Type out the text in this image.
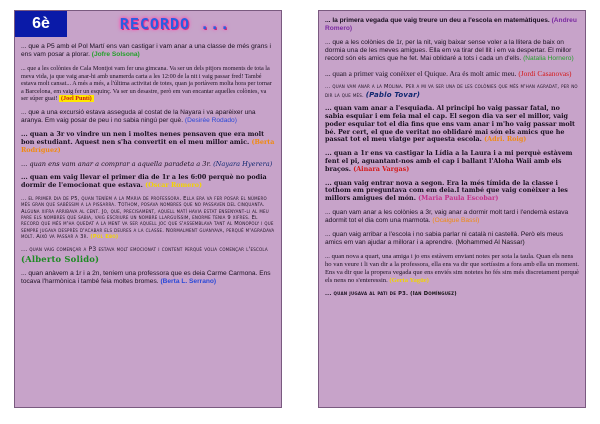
6è	RECORDO ...
... que a P5 amb el Pol Martí ens van castigar i vam anar a una classe de més grans i ens vam posar a plorar. (Jofre Solsona)
... que a les colònies de Cala Montjoi vam fer una gimcana. Va ser un dels pitjors moments de tota la meva vida, ja que vaig anar-hi amb unamerda carta a les 12:00 de la nit i vaig passar fred! També estava molt cansat... A més a més, a l'última activitat de totes, quan ja portàvem molta hora per tornar a Barcelona, em vaig fer un esquinç. Va ser un desastre, però em van encantar aquelles colònies, va ser súper guai! (Joel Puntí)
... que a una excursió estava asseguda al costat de la Nayara i va aparèixer una aranya. Em vaig posar de peu i no sabia ningú per què. (Desirée Rodado)
... quan a 3r vo vindre un nen i moltes nenes pensaven que era molt bon estudiant. Aquest nen s'ha convertit en el meu millor amic. (Berta Rodríguez)
... quan ens vam anar a comprar a aquella paradeta a 3r. (Nayara Hyerera)
... quan em vaig llevar el primer dia de 1r a les 6:00 perquè no podia dormir de l'emocionat que estava. (Oscar Romero)
... el primer dia de P5, quan teníem a la Maria de professora. Ella era va fer posar el número més gran que sabéssim a la pissarra. Tothom, posava nombres que no passaven del cinquanta. Alguna xifra arribava al cent. Jo, que, precisament, aquell matí havia estat ensenyant-li al meu pare els nombres que sabia, vaig escriure un nombre llarguíssim, enorme tenia 9 xifres. El record que més m'ha quedat a la ment va ser aquell joc que s'assemblava tant al Monopoly i que sempre jugava desprès d'acabar els deures a la classe. Normalment guanyava, perquè m'agradava molt. Això va passar a 3r. (Pol Ebo)
... quan vaig començar a P3 estava molt emocionat i content perquè volia començar l'escola (Alberto Solido)
... quan anàvem a 1r i a 2n, teníem una professora que es deia Carme Carmona. Ens tocava l'harmònica i també feia moltes bromes. (Berta L. Serrano)
... la primera vegada que vaig treure un deu a l'escola en matemàtiques. (Andreu Romero)
... que a les colònies de 1r, per la nit, vaig baixar sense voler a la llitera de baix on dormia una de les meves amigues. Ella em va tirar del llit i em va despertar. El millor record són els amics que he fet. Mai oblidaré a tots i cada un d'ells. (Natalia Hornero)
... quan a primer vaig conèixer el Quique. Ara és molt amic meu. (Jordi Casanovas)
... quan vam anar a la Molina. Per a mi va ser una de les colònies que més m'han agradat, per no dir la que més. (Pablo Tovar)
... quan vam anar a l'esquiada. Al principi ho vaig passar fatal, no sabia esquiar i em feia mal el cap. El segon dia va ser el millor, vaig poder esquiar tot el dia fins que ens vam anar i m'ho vaig passar molt bé. Per cert, el que de veritat no oblidaré mai són els amics que he passat tot el meu viatge per aquesta escola. (Adri. Roig)
... quan a 1r ens va castigar la Lídia a la Laura i a mi perquè estàvem fent el pi, aguantant-nos amb el cap i ballant l'Aloha Waii amb els braços. (Ainara Vargas)
... quan vaig entrar nova a segon. Era la més tímida de la classe i tothom em preguntava com em deia.I també que vaig conèixer a les millors amigues del món. (Maria Paula Escobar)
... quan vam anar a les colònies a 3r, vaig anar a dormir molt tard i l'endemà estava adormit tot el dia com una marmota. (Ocaigue Bassi)
... quan vaig arribar a l'escola i no sabia parlar ni català ni castellà. Però els meus amics em van ajudar a millorar i a aprendre. (Mohammed Al Nassar)
... quan nova a quart, una amiga i jo ens estàvem enviant notes per sota la taula. Quan els nens ho van veure i li van dir a la professora, ella ens va dir que sortíssim a fora amb ella un moment. Ens va dir que la propera vegada que ens enviés sim notetes ho fés sim més discretament perquè els nens no s'enteressin. (Gerta Yagüe)
... quan jugava al pati de P3. (Ian Domínguez)
